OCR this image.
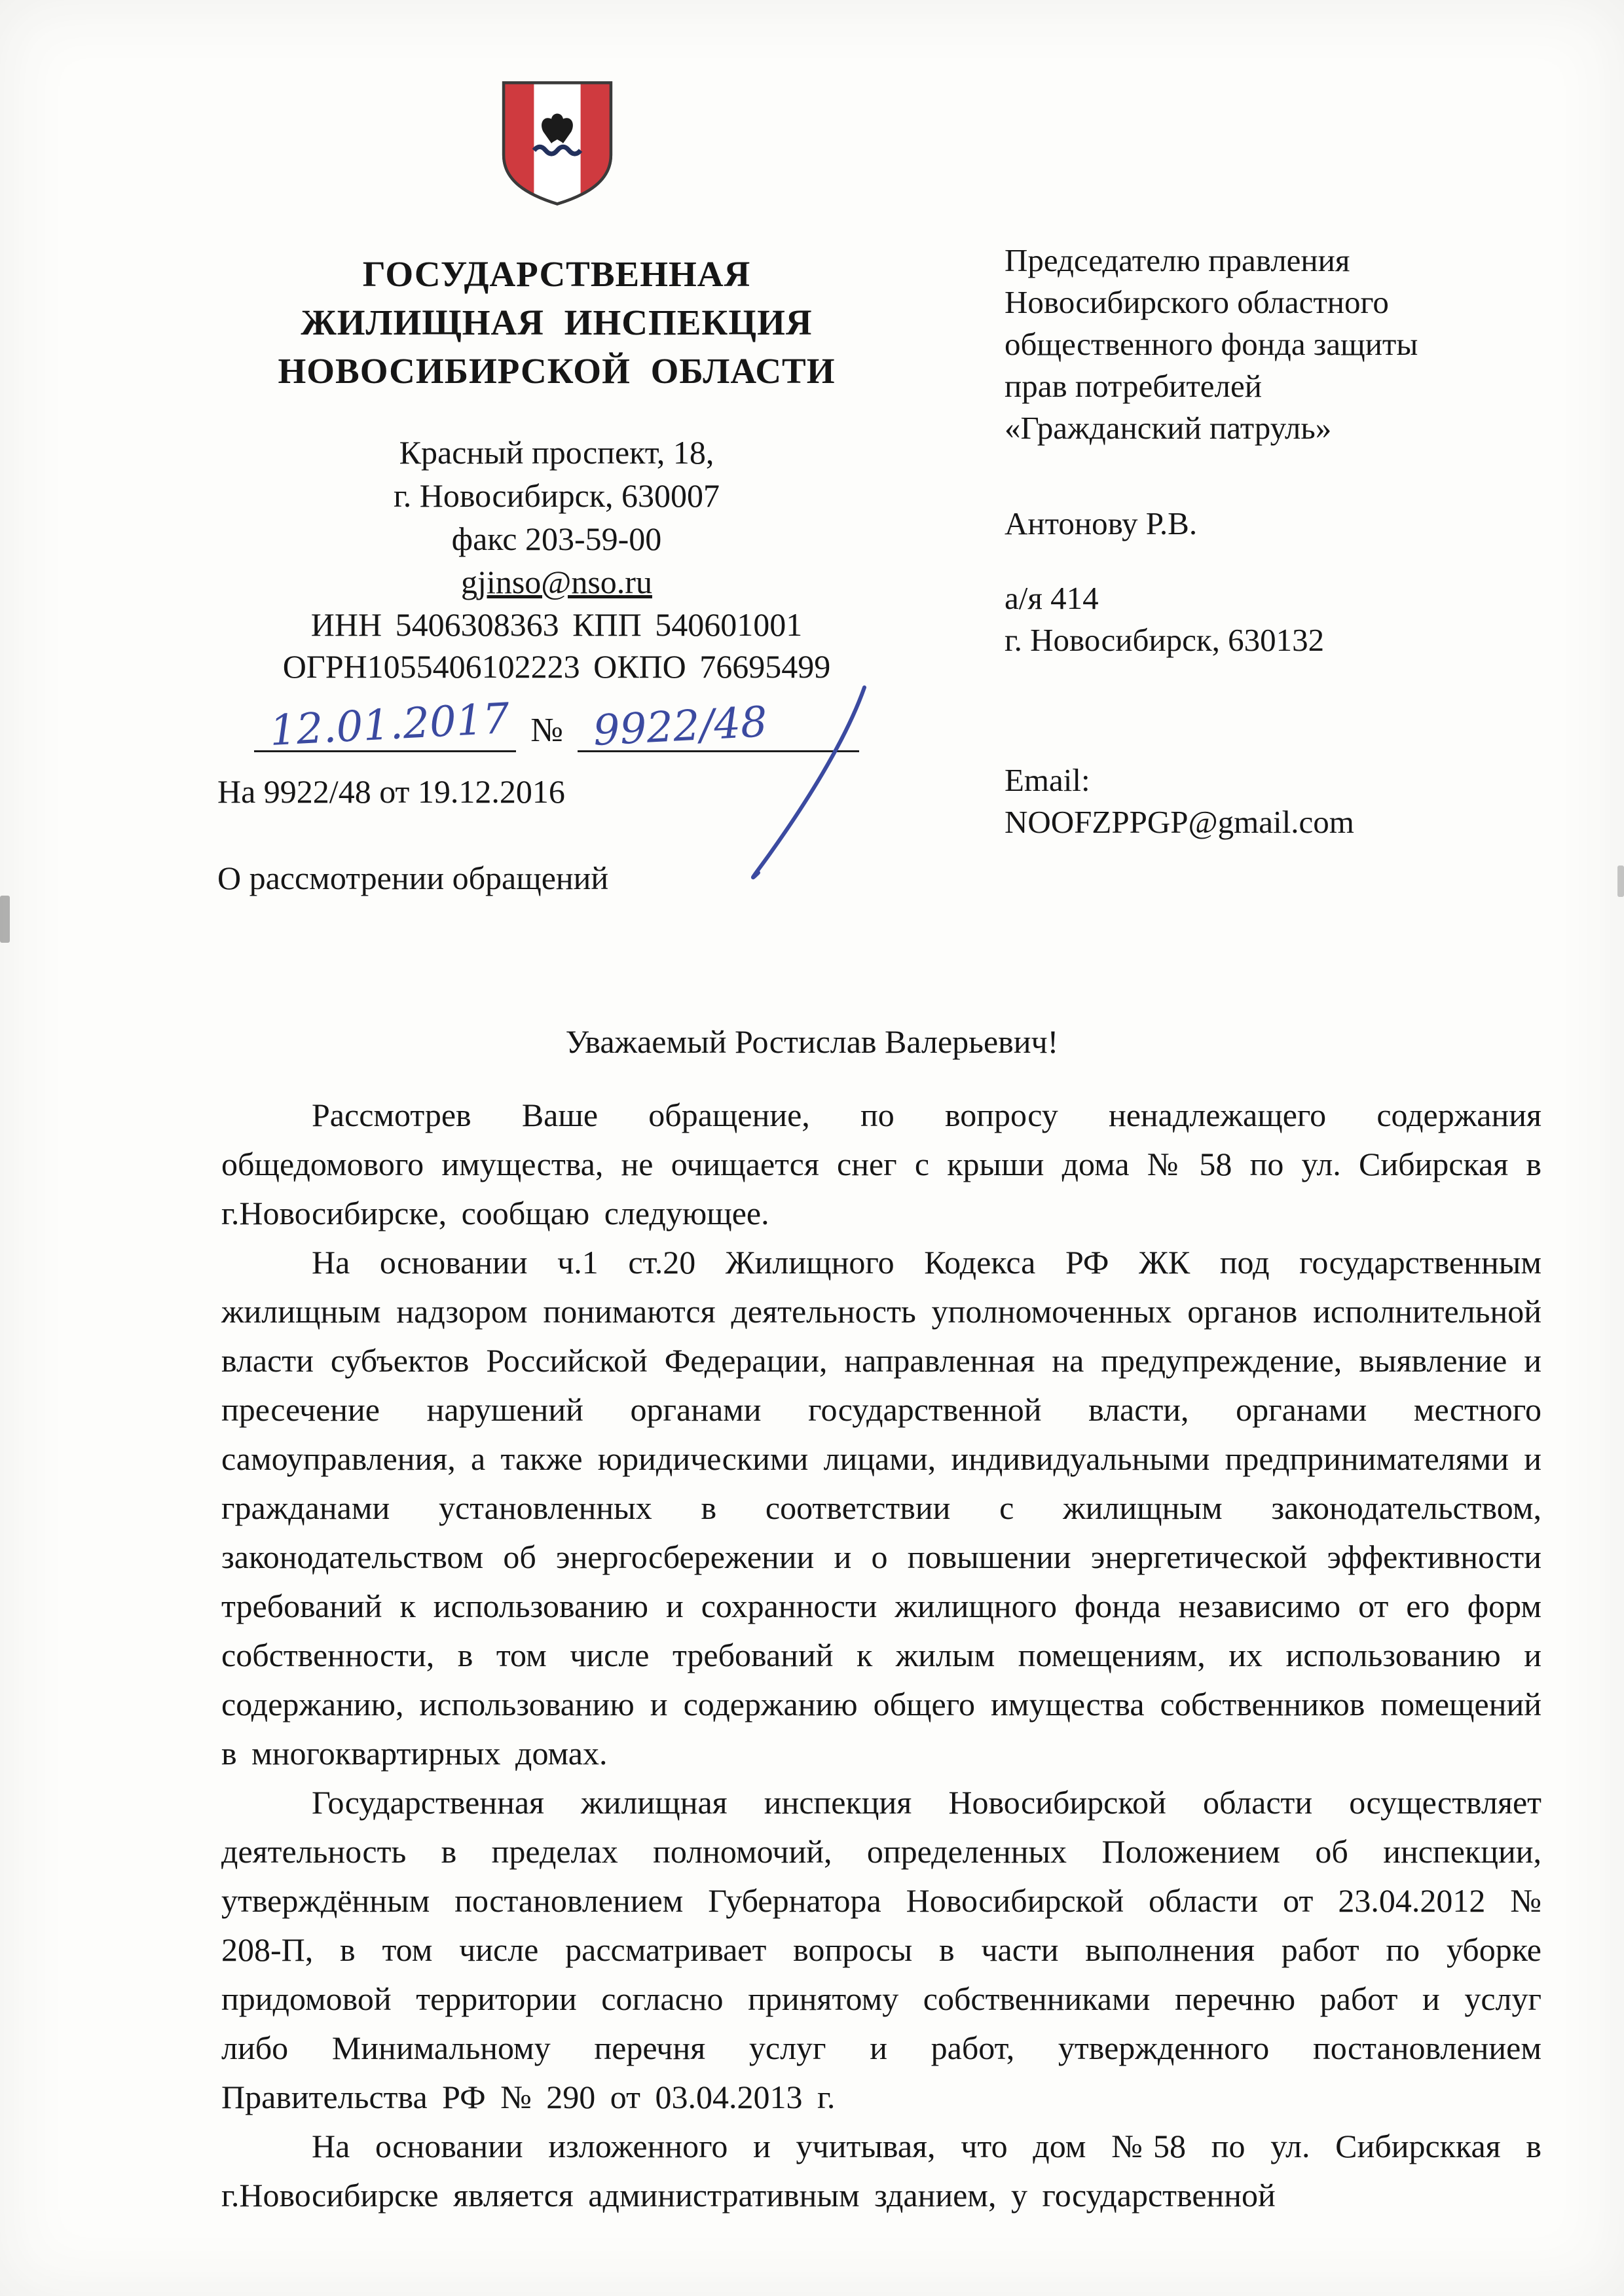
ГОСУДАРСТВЕННАЯ
ЖИЛИЩНАЯ ИНСПЕКЦИЯ
НОВОСИБИРСКОЙ ОБЛАСТИ
Красный проспект, 18,
г. Новосибирск, 630007
факс 203-59-00
gjinso@nso.ru
ИНН 5406308363 КПП 540601001
ОГРН1055406102223 ОКПО 76695499
12.01.2017 № 9922/48
На 9922/48 от 19.12.2016
О рассмотрении обращений
Председателю правления
Новосибирского областного
общественного фонда защиты
прав потребителей
«Гражданский патруль»
Антонову Р.В.
а/я 414
г. Новосибирск, 630132
Email:
NOOFZPPGP@gmail.com
Уважаемый Ростислав Валерьевич!

Рассмотрев Ваше обращение, по вопросу ненадлежащего содержания общедомового имущества, не очищается снег с крыши дома № 58 по ул. Сибирская в г.Новосибирске, сообщаю следующее.

На основании ч.1 ст.20 Жилищного Кодекса РФ ЖК под государственным жилищным надзором понимаются деятельность уполномоченных органов исполнительной власти субъектов Российской Федерации, направленная на предупреждение, выявление и пресечение нарушений органами государственной власти, органами местного самоуправления, а также юридическими лицами, индивидуальными предпринимателями и гражданами установленных в соответствии с жилищным законодательством, законодательством об энергосбережении и о повышении энергетической эффективности требований к использованию и сохранности жилищного фонда независимо от его форм собственности, в том числе требований к жилым помещениям, их использованию и содержанию, использованию и содержанию общего имущества собственников помещений в многоквартирных домах.

Государственная жилищная инспекция Новосибирской области осуществляет деятельность в пределах полномочий, определенных Положением об инспекции, утверждённым постановлением Губернатора Новосибирской области от 23.04.2012 № 208-П, в том числе рассматривает вопросы в части выполнения работ по уборке придомовой территории согласно принятому собственниками перечню работ и услуг либо Минимальному перечня услуг и работ, утвержденного постановлением Правительства РФ № 290 от 03.04.2013 г.

На основании изложенного и учитывая, что дом №58 по ул. Сибирсккая в г.Новосибирске является административным зданием, у государственной
